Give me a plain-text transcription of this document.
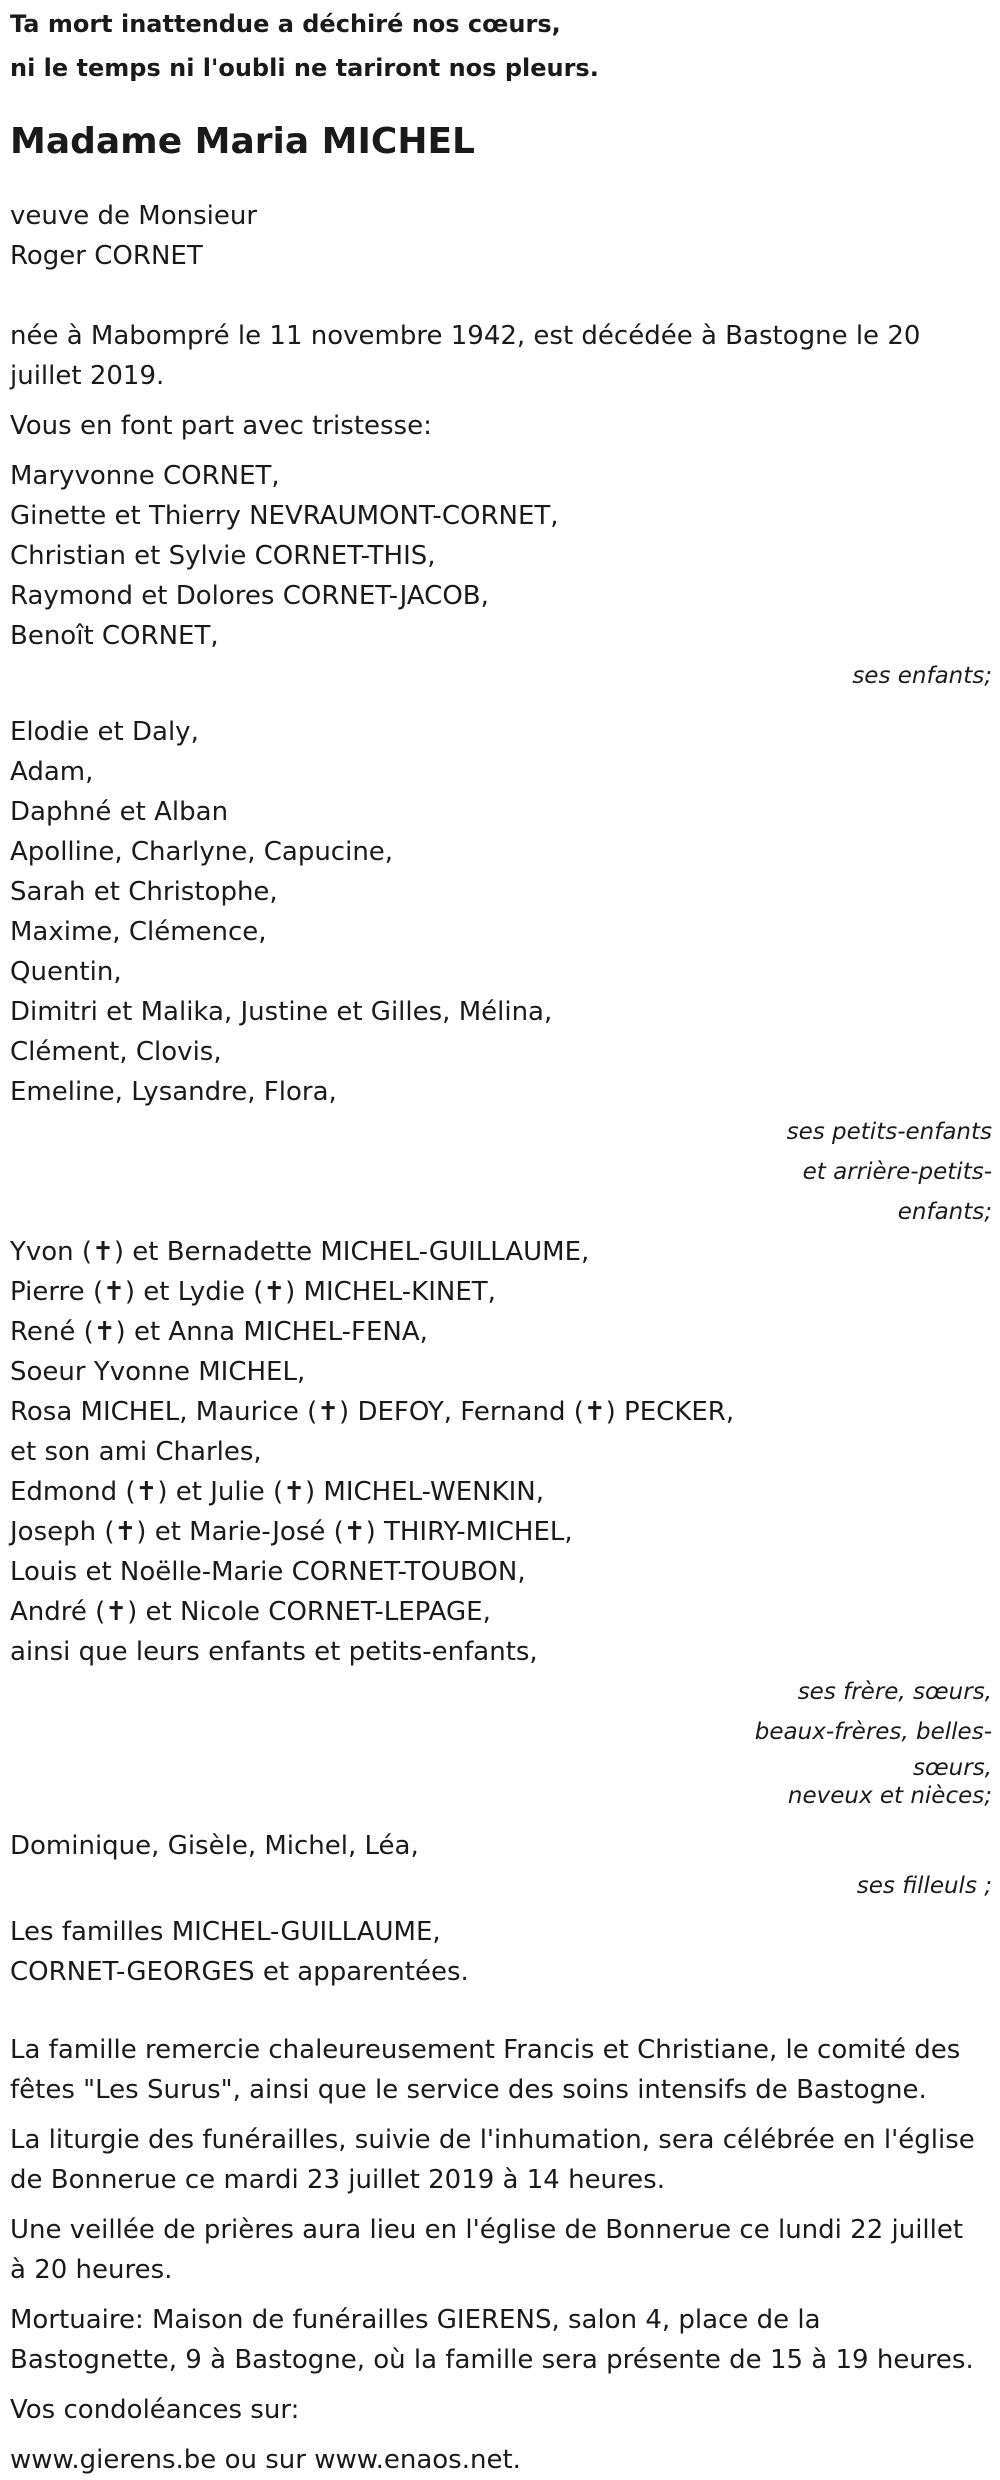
Ta mort inattendue a déchiré nos cœurs,

ni le temps ni l'oubli ne tariront nos pleurs.

Madame Maria MICHEL
veuve de Monsieur
Roger CORNET
née à Mabompré le 11 novembre 1942, est décédée à Bastogne le 20
juillet 2019.

Vous en font part avec tristesse:

Maryvonne CORNET,
Ginette et Thierry NEVRAUMONT-CORNET,
Christian et Sylvie CORNET-THIS,
Raymond et Dolores CORNET-JACOB,
Benoît CORNET,
ses enfants;
Elodie et Daly,
Adam,
Daphné et Alban
Apolline, Charlyne, Capucine,
Sarah et Christophe,
Maxime, Clémence,
Quentin,
Dimitri et Malika, Justine et Gilles, Mélina,
Clément, Clovis,
Emeline, Lysandre, Flora,
ses petits-enfants
et arrière-petits-
enfants;
Yvon (✝) et Bernadette MICHEL-GUILLAUME,
Pierre (✝) et Lydie (✝) MICHEL-KINET,
René (✝) et Anna MICHEL-FENA,
Soeur Yvonne MICHEL,
Rosa MICHEL, Maurice (✝) DEFOY, Fernand (✝) PECKER,
et son ami Charles,
Edmond (✝) et Julie (✝) MICHEL-WENKIN,
Joseph (✝) et Marie-José (✝) THIRY-MICHEL,
Louis et Noëlle-Marie CORNET-TOUBON,
André (✝) et Nicole CORNET-LEPAGE,
ainsi que leurs enfants et petits-enfants,
ses frère, sœurs,
beaux-frères, belles-
sœurs,
neveux et nièces;
Dominique, Gisèle, Michel, Léa,
ses filleuls ;
Les familles MICHEL-GUILLAUME,
CORNET-GEORGES et apparentées.
La famille remercie chaleureusement Francis et Christiane, le comité des
fêtes "Les Surus", ainsi que le service des soins intensifs de Bastogne.
La liturgie des funérailles, suivie de l'inhumation, sera célébrée en l'église
de Bonnerue ce mardi 23 juillet 2019 à 14 heures.
Une veillée de prières aura lieu en l'église de Bonnerue ce lundi 22 juillet
à 20 heures.
Mortuaire: Maison de funérailles GIERENS, salon 4, place de la
Bastognette, 9 à Bastogne, où la famille sera présente de 15 à 19 heures.

Vos condoléances sur:

www.gierens.be ou sur www.enaos.net.
